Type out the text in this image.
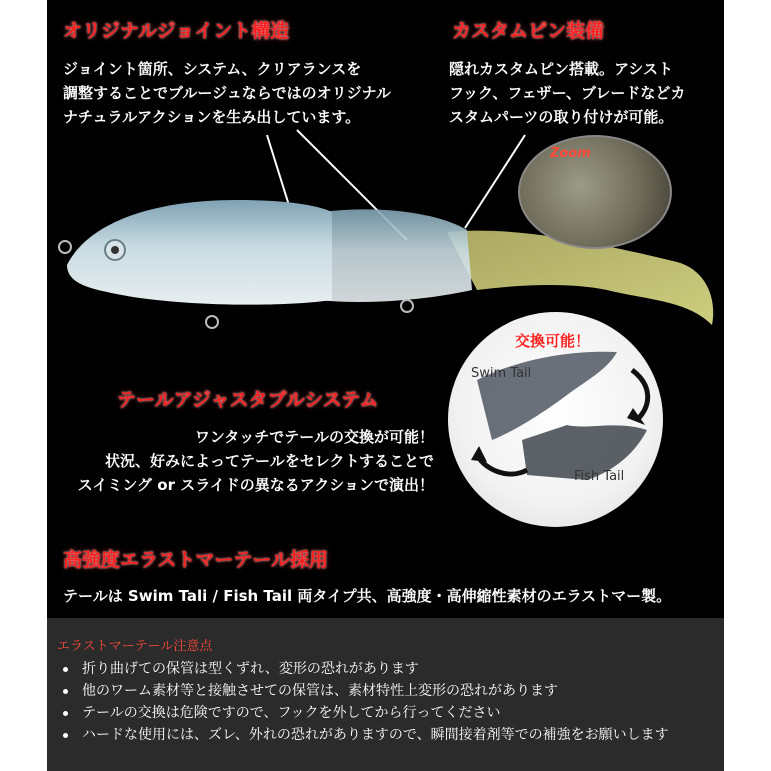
オリジナルジョイント構造
ジョイント箇所、システム、クリアランスを
調整することでブルージュならではのオリジナル
ナチュラルアクションを生み出しています。
カスタムピン装備
隠れカスタムピン搭載。アシスト
フック、フェザー、ブレードなどカ
スタムパーツの取り付けが可能。
Zoom
交換可能！
Swim Tail
Fish Tail
テールアジャスタブルシステム
ワンタッチでテールの交換が可能！
状況、好みによってテールをセレクトすることで
スイミング or スライドの異なるアクションで演出！
高強度エラストマーテール採用
テールは Swim Tali / Fish Tail 両タイプ共、高強度・高伸縮性素材のエラストマー製。
エラストマーテール注意点
折り曲げての保管は型くずれ、変形の恐れがあります
他のワーム素材等と接触させての保管は、素材特性上変形の恐れがあります
テールの交換は危険ですので、フックを外してから行ってください
ハードな使用には、ズレ、外れの恐れがありますので、瞬間接着剤等での補強をお願いします
